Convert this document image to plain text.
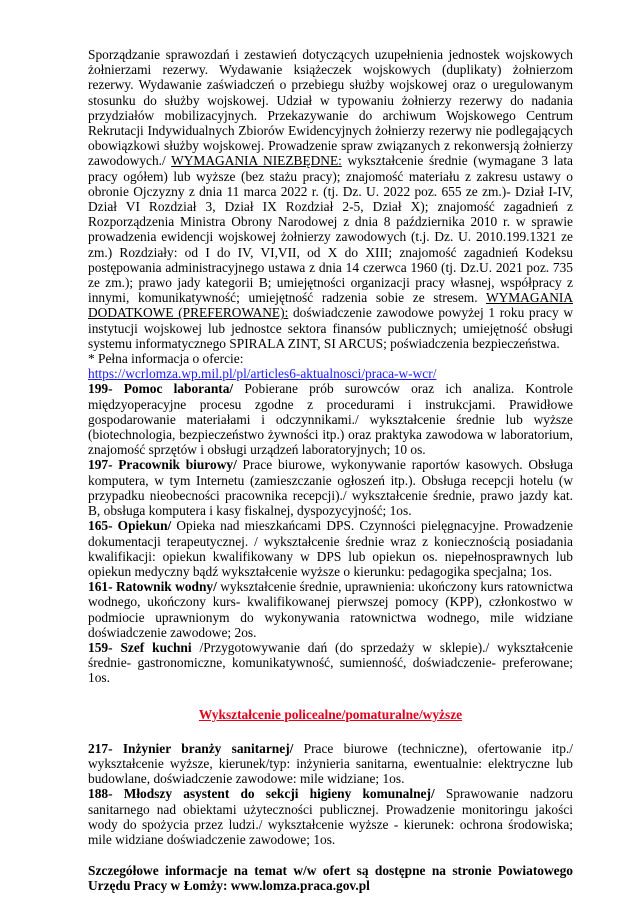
Sporządzanie sprawozdań i zestawień dotyczących uzupełnienia jednostek wojskowych żołnierzami rezerwy. Wydawanie książeczek wojskowych (duplikaty) żołnierzom rezerwy. Wydawanie zaświadczeń o przebiegu służby wojskowej oraz o uregulowanym stosunku do służby wojskowej. Udział w typowaniu żołnierzy rezerwy do nadania przydziałów mobilizacyjnych. Przekazywanie do archiwum Wojskowego Centrum Rekrutacji Indywidualnych Zbiorów Ewidencyjnych żołnierzy rezerwy nie podlegających obowiązkowi służby wojskowej. Prowadzenie spraw związanych z rekonwersją żołnierzy zawodowych./ WYMAGANIA NIEZBĘDNE: wykształcenie średnie (wymagane 3 lata pracy ogółem) lub wyższe (bez stażu pracy); znajomość materiału z zakresu ustawy o obronie Ojczyzny z dnia 11 marca 2022 r. (tj. Dz. U. 2022 poz. 655 ze zm.)- Dział I-IV, Dział VI Rozdział 3, Dział IX Rozdział 2-5, Dział X); znajomość zagadnień z Rozporządzenia Ministra Obrony Narodowej z dnia 8 października 2010 r. w sprawie prowadzenia ewidencji wojskowej żołnierzy zawodowych (t.j. Dz. U. 2010.199.1321 ze zm.) Rozdziały: od I do IV, VI,VII, od X do XIII; znajomość zagadnień Kodeksu postępowania administracyjnego ustawa z dnia 14 czerwca 1960 (tj. Dz.U. 2021 poz. 735 ze zm.); prawo jady kategorii B; umiejętności organizacji pracy własnej, współpracy z innymi, komunikatywność; umiejętność radzenia sobie ze stresem. WYMAGANIA DODATKOWE (PREFEROWANE): doświadczenie zawodowe powyżej 1 roku pracy w instytucji wojskowej lub jednostce sektora finansów publicznych; umiejętność obsługi systemu informatycznego SPIRALA ZINT, SI ARCUS; poświadczenia bezpieczeństwa.

* Pełna informacja o ofercie:

https://wcrlomza.wp.mil.pl/pl/articles6-aktualnosci/praca-w-wcr/

199- Pomoc laboranta/ Pobierane prób surowców oraz ich analiza. Kontrole międzyoperacyjne procesu zgodne z procedurami i instrukcjami. Prawidłowe gospodarowanie materiałami i odczynnikami./ wykształcenie średnie lub wyższe (biotechnologia, bezpieczeństwo żywności itp.) oraz praktyka zawodowa w laboratorium, znajomość sprzętów i obsługi urządzeń laboratoryjnych; 10 os.

197- Pracownik biurowy/ Prace biurowe, wykonywanie raportów kasowych. Obsługa komputera, w tym Internetu (zamieszczanie ogłoszeń itp.). Obsługa recepcji hotelu (w przypadku nieobecności pracownika recepcji)./ wykształcenie średnie, prawo jazdy kat. B, obsługa komputera i kasy fiskalnej, dyspozycyjność; 1os.

165- Opiekun/ Opieka nad mieszkańcami DPS. Czynności pielęgnacyjne. Prowadzenie dokumentacji terapeutycznej. / wykształcenie średnie wraz z koniecznością posiadania kwalifikacji: opiekun kwalifikowany w DPS lub opiekun os. niepełnosprawnych lub opiekun medyczny bądź wykształcenie wyższe o kierunku: pedagogika specjalna; 1os.

161- Ratownik wodny/ wykształcenie średnie, uprawnienia: ukończony kurs ratownictwa wodnego, ukończony kurs- kwalifikowanej pierwszej pomocy (KPP), członkostwo w podmiocie uprawnionym do wykonywania ratownictwa wodnego, mile widziane doświadczenie zawodowe; 2os.

159- Szef kuchni /Przygotowywanie dań (do sprzedaży w sklepie)./ wykształcenie średnie- gastronomiczne, komunikatywność, sumienność, doświadczenie- preferowane; 1os.

Wykształcenie policealne/pomaturalne/wyższe

217- Inżynier branży sanitarnej/ Prace biurowe (techniczne), ofertowanie itp./ wykształcenie wyższe, kierunek/typ: inżynieria sanitarna, ewentualnie: elektryczne lub budowlane, doświadczenie zawodowe: mile widziane; 1os.

188- Młodszy asystent do sekcji higieny komunalnej/ Sprawowanie nadzoru sanitarnego nad obiektami użyteczności publicznej. Prowadzenie monitoringu jakości wody do spożycia przez ludzi./ wykształcenie wyższe - kierunek: ochrona środowiska; mile widziane doświadczenie zawodowe; 1os.

Szczegółowe informacje na temat w/w ofert są dostępne na stronie Powiatowego Urzędu Pracy w Łomży: www.lomza.praca.gov.pl
